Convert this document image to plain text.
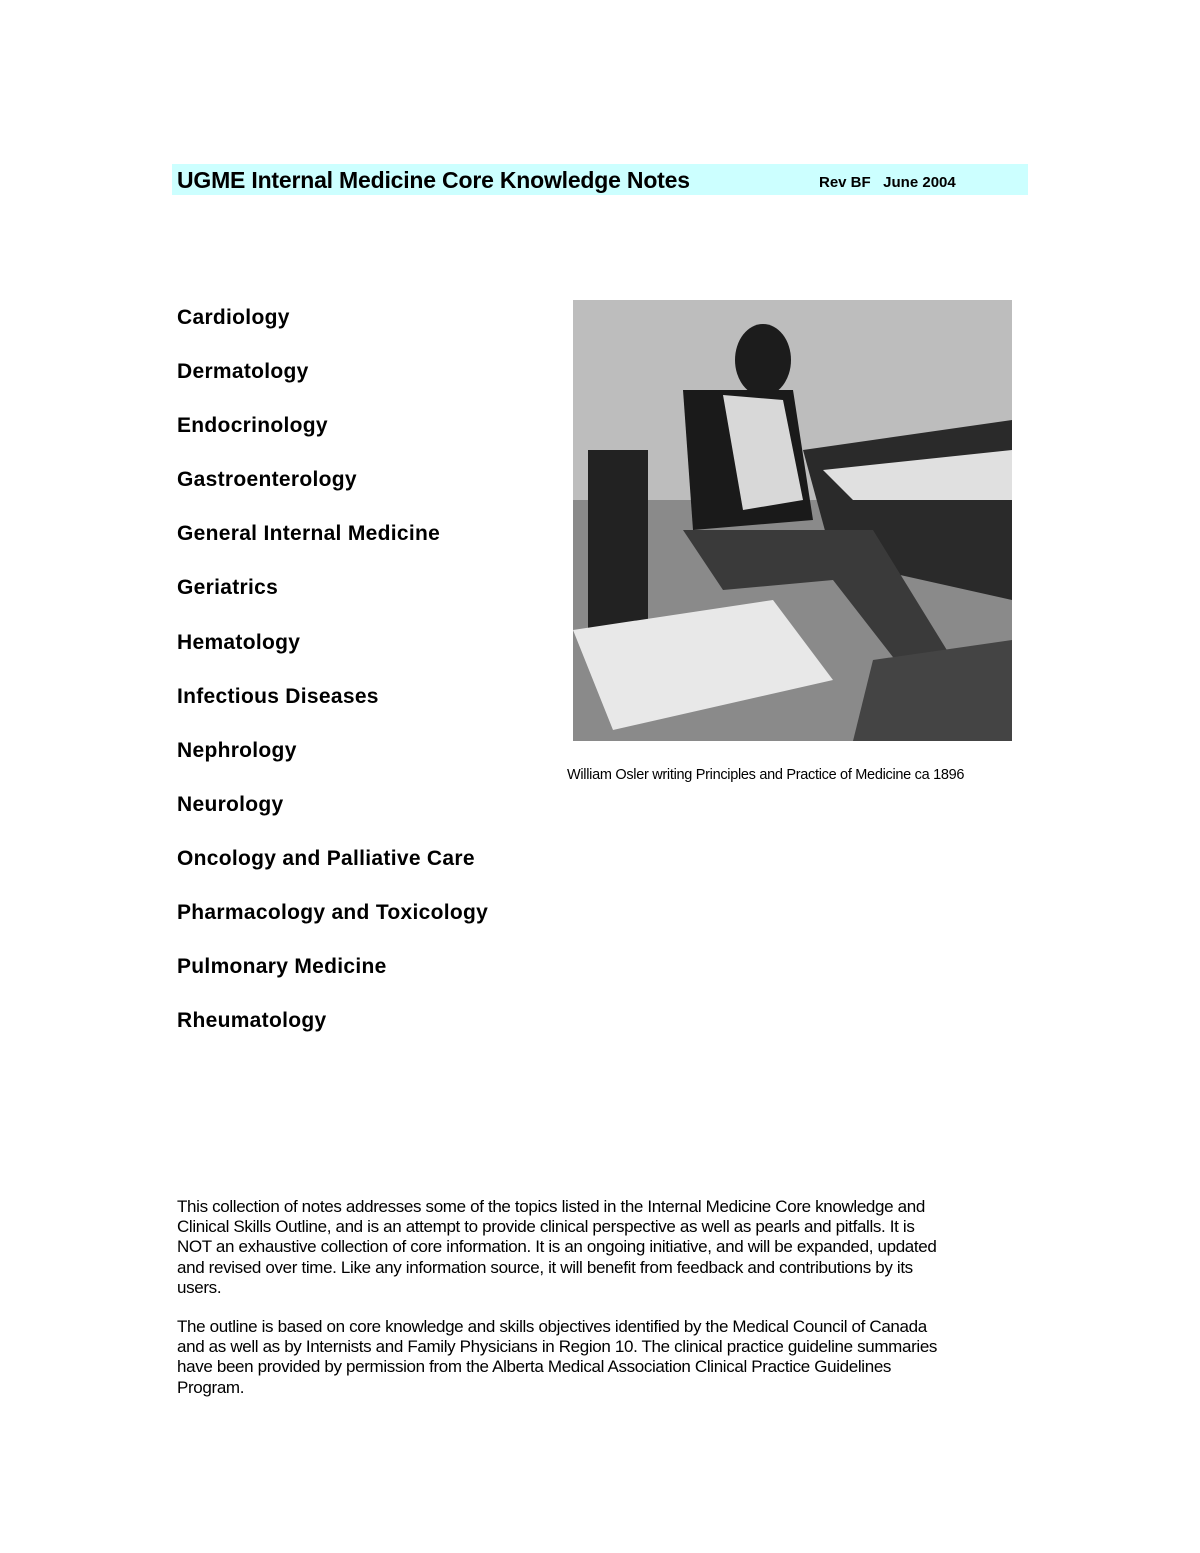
UGME Internal Medicine Core Knowledge Notes	Rev BF   June 2004
Cardiology
Dermatology
Endocrinology
Gastroenterology
General Internal Medicine
Geriatrics
Hematology
Infectious Diseases
Nephrology
Neurology
Oncology and Palliative Care
Pharmacology and Toxicology
Pulmonary Medicine
Rheumatology
William Osler writing Principles and Practice of Medicine ca 1896
This collection of notes addresses some of the topics listed in the Internal Medicine Core knowledge and
Clinical Skills Outline, and is an attempt to provide clinical perspective as well as pearls and pitfalls. It is
NOT an exhaustive collection of core information. It is an ongoing initiative, and will be expanded, updated
and revised over time. Like any information source, it will benefit from feedback and contributions by its
users.
The outline is based on core knowledge and skills objectives identified by the Medical Council of Canada
and as well as by Internists and Family Physicians in Region 10. The clinical practice guideline summaries
have been provided by permission from the Alberta Medical Association Clinical Practice Guidelines
Program.
